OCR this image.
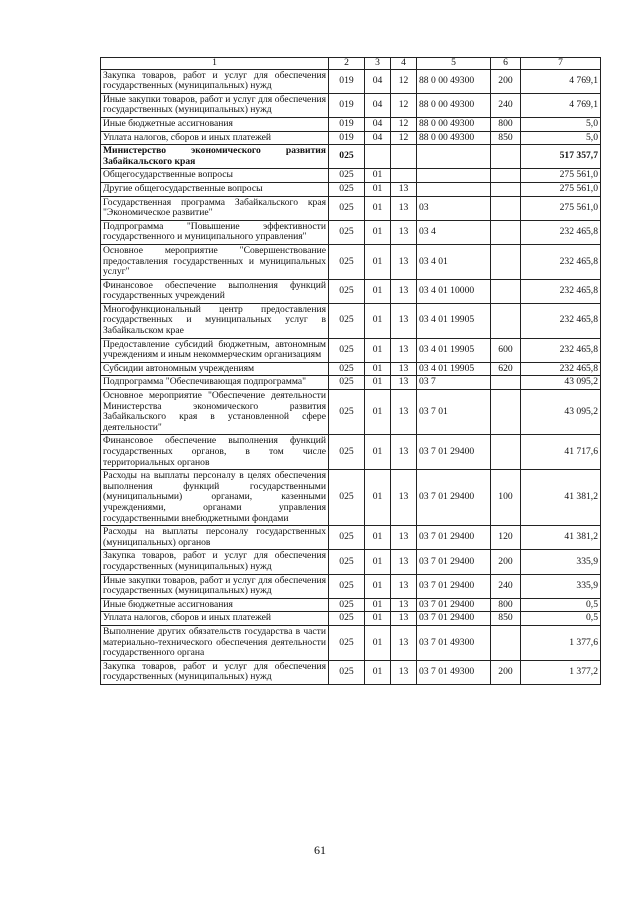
1	2	3	4	5	6	7
Закупка товаров, работ и услуг для обеспечения государственных (муниципальных) нужд	019	04	12	88 0 00 49300	200	4 769,1
Иные закупки товаров, работ и услуг для обеспечения государственных (муниципальных) нужд	019	04	12	88 0 00 49300	240	4 769,1
Иные бюджетные ассигнования	019	04	12	88 0 00 49300	800	5,0
Уплата налогов, сборов и иных платежей	019	04	12	88 0 00 49300	850	5,0
Министерство экономического развития Забайкальского края	025					517 357,7
Общегосударственные вопросы	025	01				275 561,0
Другие общегосударственные вопросы	025	01	13			275 561,0
Государственная программа Забайкальского края "Экономическое развитие"	025	01	13	03		275 561,0
Подпрограмма "Повышение эффективности государственного и муниципального управления"	025	01	13	03 4		232 465,8
Основное мероприятие "Совершенствование предоставления государственных и муниципальных услуг"	025	01	13	03 4 01		232 465,8
Финансовое обеспечение выполнения функций государственных учреждений	025	01	13	03 4 01 10000		232 465,8
Многофункциональный центр предоставления государственных и муниципальных услуг в Забайкальском крае	025	01	13	03 4 01 19905		232 465,8
Предоставление субсидий бюджетным, автономным учреждениям и иным некоммерческим организациям	025	01	13	03 4 01 19905	600	232 465,8
Субсидии автономным учреждениям	025	01	13	03 4 01 19905	620	232 465,8
Подпрограмма "Обеспечивающая подпрограмма"	025	01	13	03 7		43 095,2
Основное мероприятие "Обеспечение деятельности Министерства экономического развития Забайкальского края в установленной сфере деятельности"	025	01	13	03 7 01		43 095,2
Финансовое обеспечение выполнения функций государственных органов, в том числе территориальных органов	025	01	13	03 7 01 29400		41 717,6
Расходы на выплаты персоналу в целях обеспечения выполнения функций государственными (муниципальными) органами, казенными учреждениями, органами управления государственными внебюджетными фондами	025	01	13	03 7 01 29400	100	41 381,2
Расходы на выплаты персоналу государственных (муниципальных) органов	025	01	13	03 7 01 29400	120	41 381,2
Закупка товаров, работ и услуг для обеспечения государственных (муниципальных) нужд	025	01	13	03 7 01 29400	200	335,9
Иные закупки товаров, работ и услуг для обеспечения государственных (муниципальных) нужд	025	01	13	03 7 01 29400	240	335,9
Иные бюджетные ассигнования	025	01	13	03 7 01 29400	800	0,5
Уплата налогов, сборов и иных платежей	025	01	13	03 7 01 29400	850	0,5
Выполнение других обязательств государства в части материально-технического обеспечения деятельности государственного органа	025	01	13	03 7 01 49300		1 377,6
Закупка товаров, работ и услуг для обеспечения государственных (муниципальных) нужд	025	01	13	03 7 01 49300	200	1 377,2
61
